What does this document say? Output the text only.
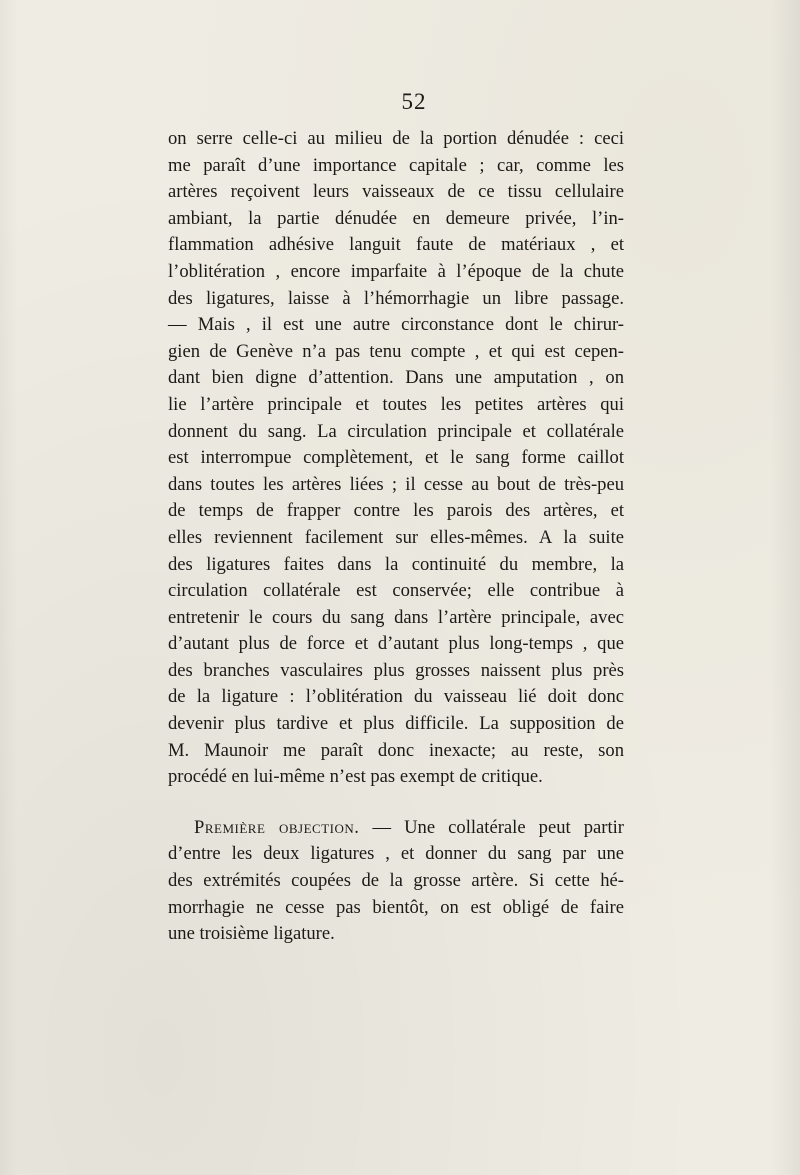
52
on serre celle-ci au milieu de la portion dénudée : ceci
me paraît d’une importance capitale ; car, comme les
artères reçoivent leurs vaisseaux de ce tissu cellulaire
ambiant, la partie dénudée en demeure privée, l’in-
flammation adhésive languit faute de matériaux , et
l’oblitération , encore imparfaite à l’époque de la chute
des ligatures, laisse à l’hémorrhagie un libre passage.
— Mais , il est une autre circonstance dont le chirur-
gien de Genève n’a pas tenu compte , et qui est cepen-
dant bien digne d’attention. Dans une amputation , on
lie l’artère principale et toutes les petites artères qui
donnent du sang. La circulation principale et collatérale
est interrompue complètement, et le sang forme caillot
dans toutes les artères liées ; il cesse au bout de très-peu
de temps de frapper contre les parois des artères, et
elles reviennent facilement sur elles-mêmes. A la suite
des ligatures faites dans la continuité du membre, la
circulation collatérale est conservée; elle contribue à
entretenir le cours du sang dans l’artère principale, avec
d’autant plus de force et d’autant plus long-temps , que
des branches vasculaires plus grosses naissent plus près
de la ligature : l’oblitération du vaisseau lié doit donc
devenir plus tardive et plus difficile. La supposition de
M. Maunoir me paraît donc inexacte; au reste, son
procédé en lui-même n’est pas exempt de critique.
Première objection. — Une collatérale peut partir
d’entre les deux ligatures , et donner du sang par une
des extrémités coupées de la grosse artère. Si cette hé-
morrhagie ne cesse pas bientôt, on est obligé de faire
une troisième ligature.
